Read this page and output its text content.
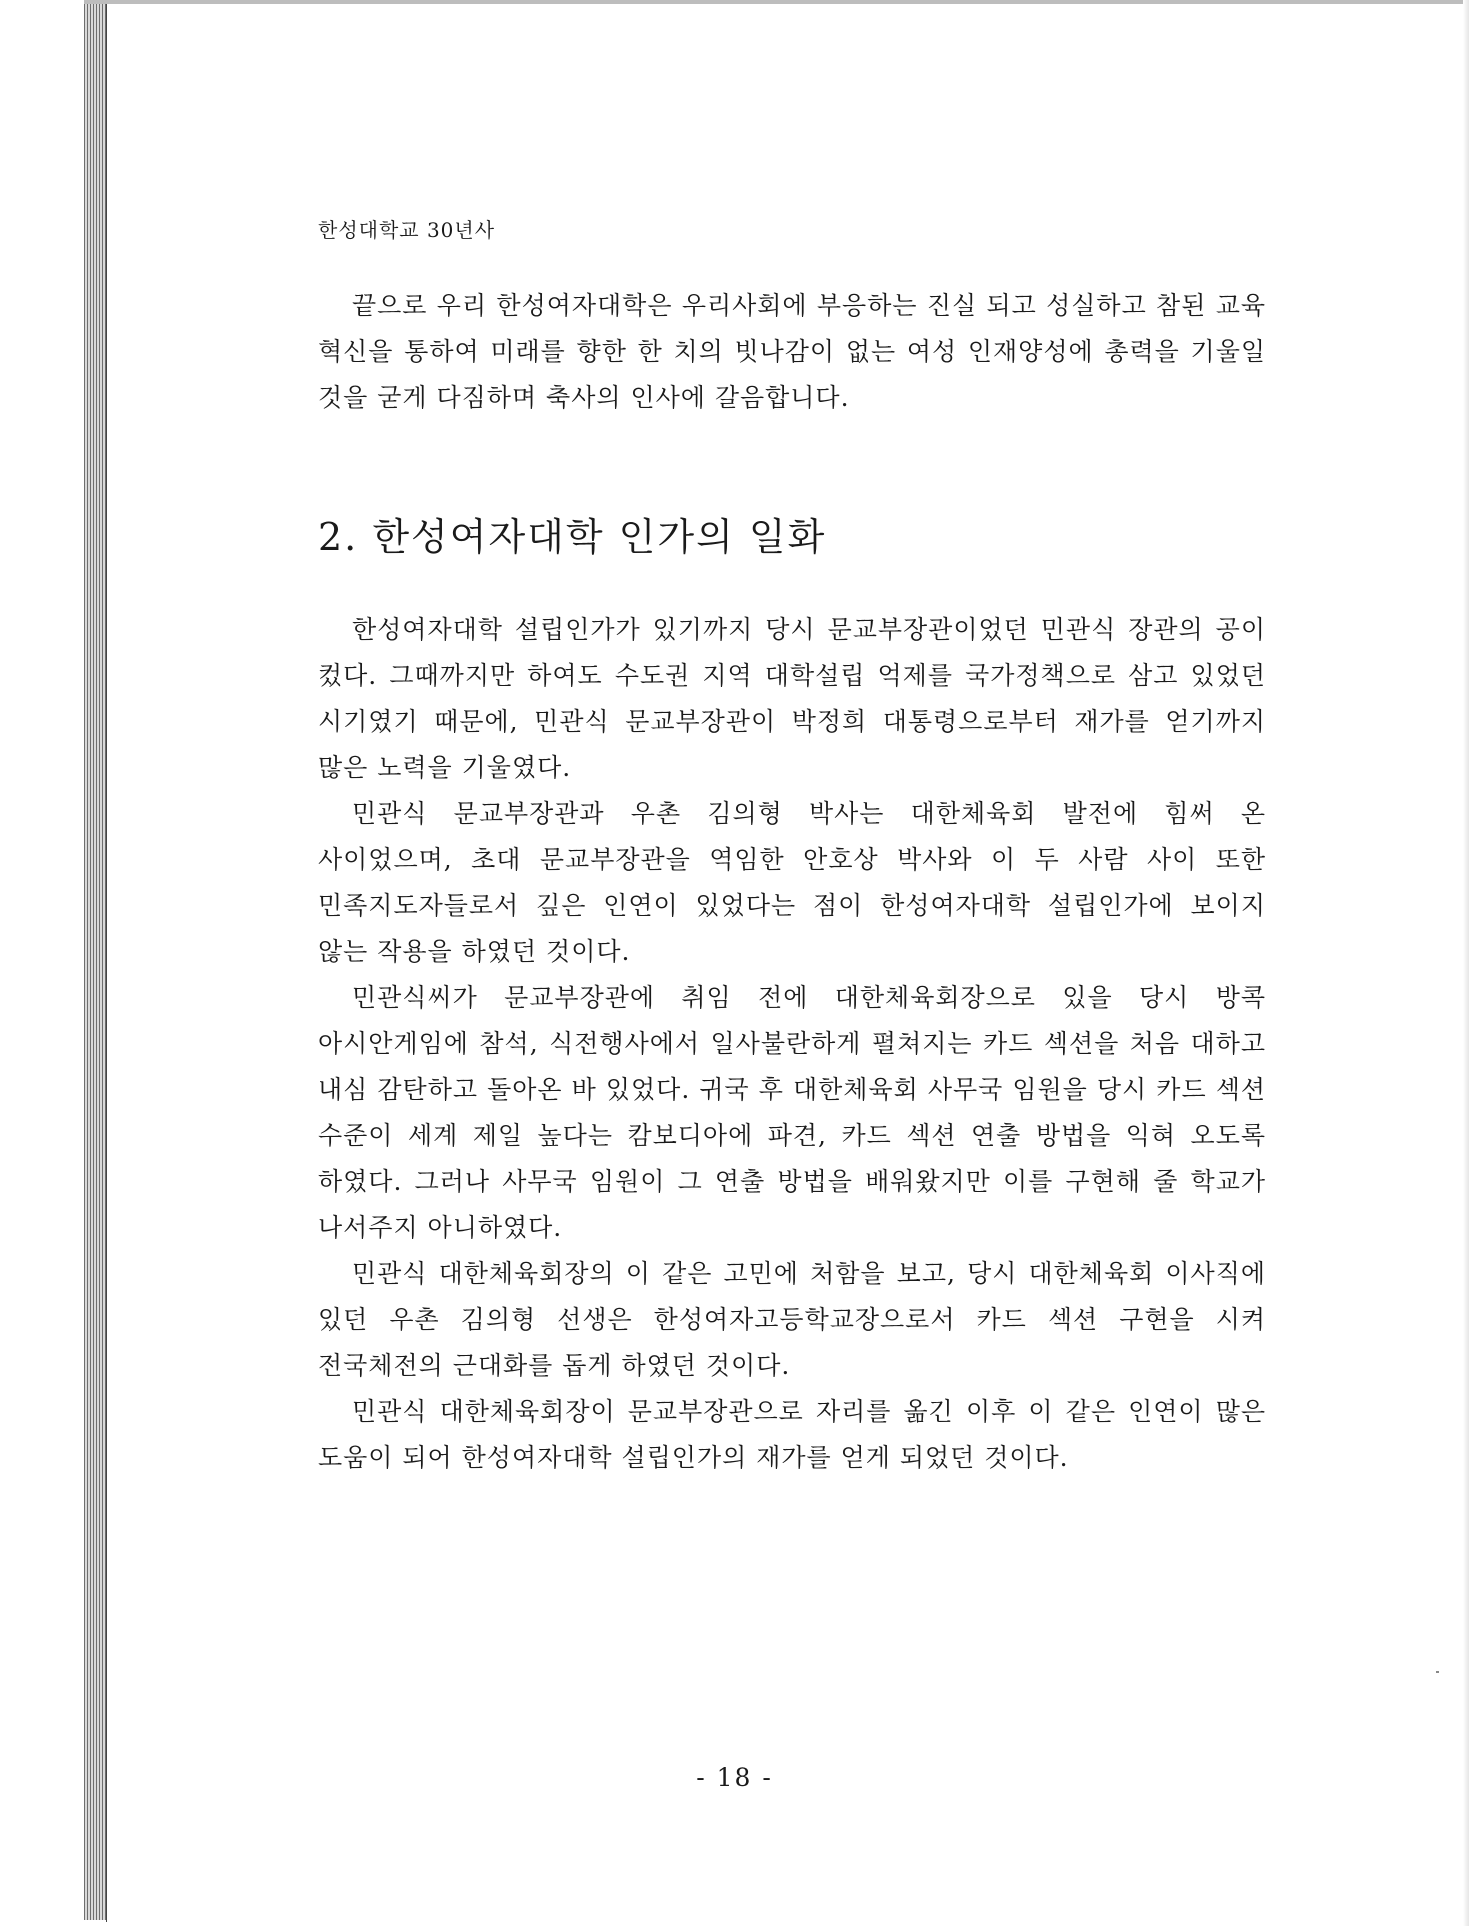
한성대학교 30년사

끝으로 우리 한성여자대학은 우리사회에 부응하는 진실 되고 성실하고 참된 교육 혁신을 통하여 미래를 향한 한 치의 빗나감이 없는 여성 인재양성에 총력을 기울일 것을 굳게 다짐하며 축사의 인사에 갈음합니다.

2. 한성여자대학 인가의 일화

한성여자대학 설립인가가 있기까지 당시 문교부장관이었던 민관식 장관의 공이 컸다. 그때까지만 하여도 수도권 지역 대학설립 억제를 국가정책으로 삼고 있었던 시기였기 때문에, 민관식 문교부장관이 박정희 대통령으로부터 재가를 얻기까지 많은 노력을 기울였다.

민관식 문교부장관과 우촌 김의형 박사는 대한체육회 발전에 힘써 온 사이었으며, 초대 문교부장관을 역임한 안호상 박사와 이 두 사람 사이 또한 민족지도자들로서 깊은 인연이 있었다는 점이 한성여자대학 설립인가에 보이지 않는 작용을 하였던 것이다.

민관식씨가 문교부장관에 취임 전에 대한체육회장으로 있을 당시 방콕 아시안게임에 참석, 식전행사에서 일사불란하게 펼쳐지는 카드 섹션을 처음 대하고 내심 감탄하고 돌아온 바 있었다. 귀국 후 대한체육회 사무국 임원을 당시 카드 섹션 수준이 세계 제일 높다는 캄보디아에 파견, 카드 섹션 연출 방법을 익혀 오도록 하였다. 그러나 사무국 임원이 그 연출 방법을 배워왔지만 이를 구현해 줄 학교가 나서주지 아니하였다.

민관식 대한체육회장의 이 같은 고민에 처함을 보고, 당시 대한체육회 이사직에 있던 우촌 김의형 선생은 한성여자고등학교장으로서 카드 섹션 구현을 시켜 전국체전의 근대화를 돕게 하였던 것이다.

민관식 대한체육회장이 문교부장관으로 자리를 옮긴 이후 이 같은 인연이 많은 도움이 되어 한성여자대학 설립인가의 재가를 얻게 되었던 것이다.

- 18 -
